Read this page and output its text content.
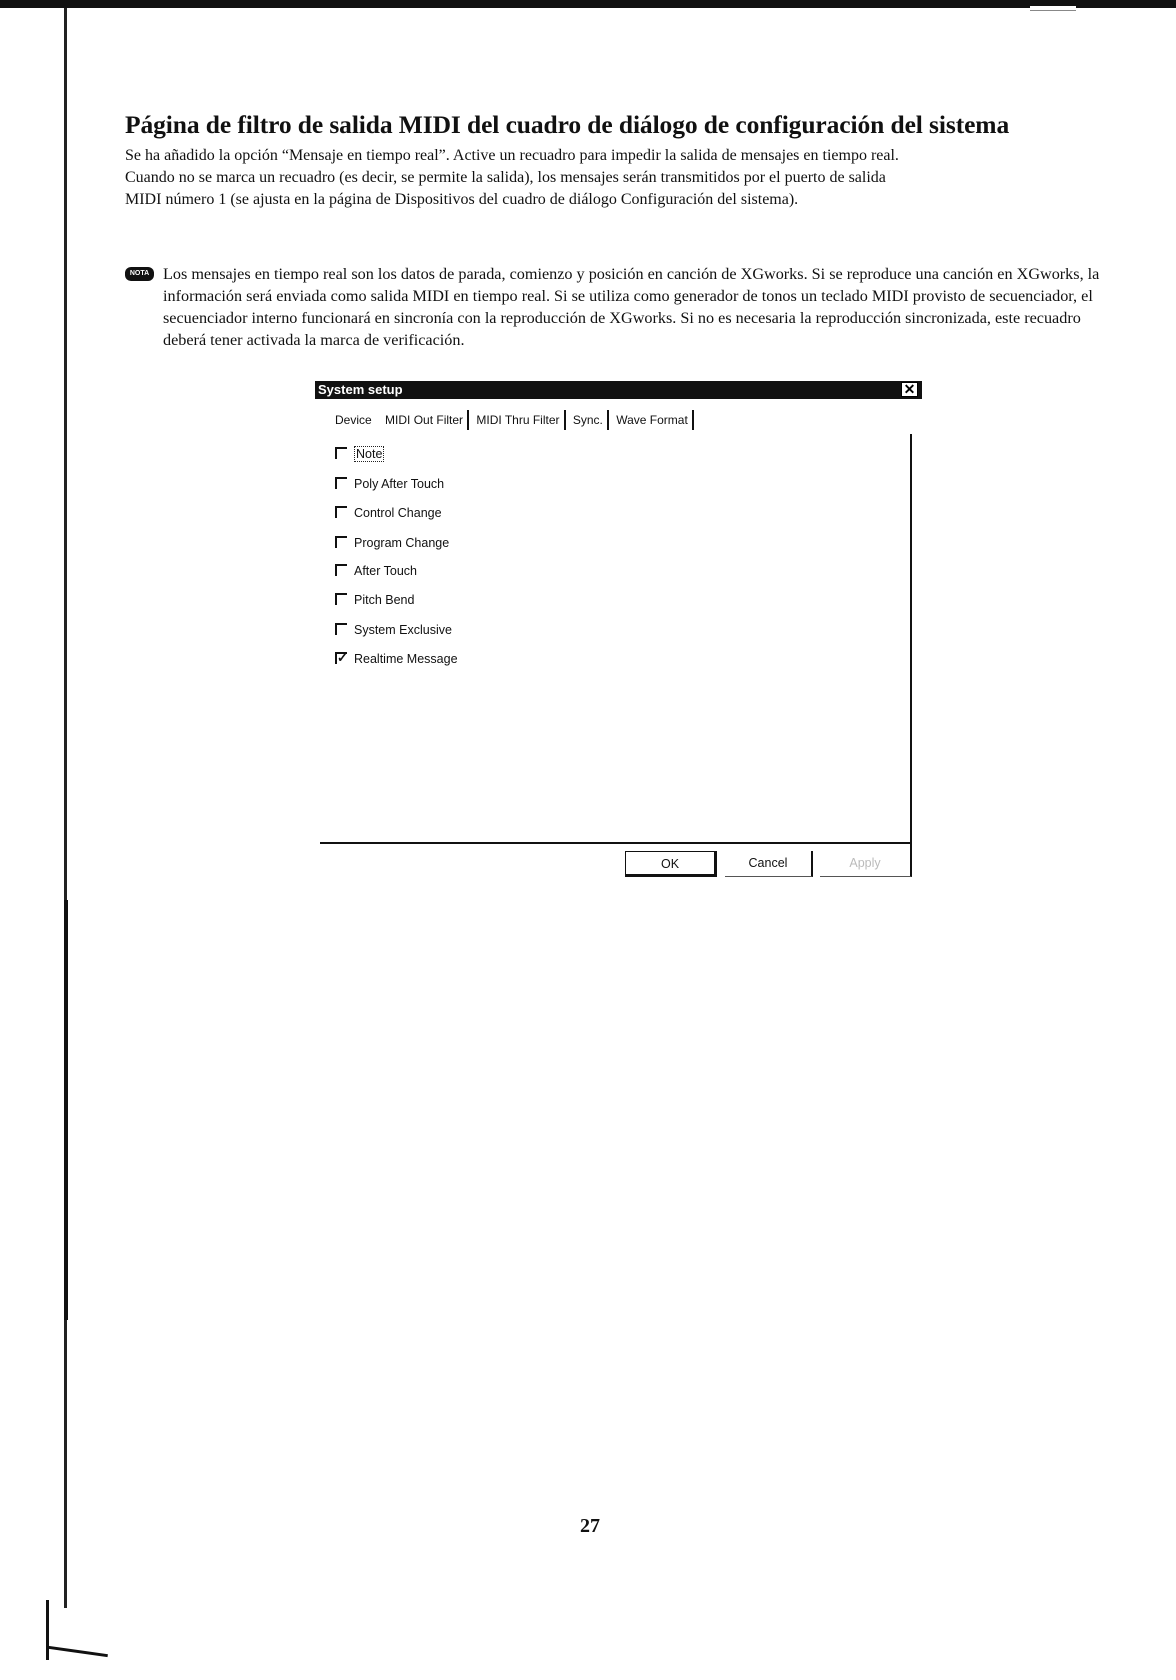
Página de filtro de salida MIDI del cuadro de diálogo de configuración del sistema

Se ha añadido la opción “Mensaje en tiempo real”. Active un recuadro para impedir la salida de mensajes en tiempo real.

Cuando no se marca un recuadro (es decir, se permite la salida), los mensajes serán transmitidos por el puerto de salida

MIDI número 1 (se ajusta en la página de Dispositivos del cuadro de diálogo Configuración del sistema).

NOTA Los mensajes en tiempo real son los datos de parada, comienzo y posición en canción de XGworks. Si se reproduce una canción en XGworks, la información será enviada como salida MIDI en tiempo real. Si se utiliza como generador de tonos un teclado MIDI provisto de secuenciador, el secuenciador interno funcionará en sincronía con la reproducción de XGworks. Si no es necesaria la reproducción sincronizada, este recuadro deberá tener activada la marca de verificación.
System setup	✕
Device MIDI Out Filter MIDI Thru Filter Sync. Wave Format
Note
Poly After Touch
Control Change
Program Change
After Touch
Pitch Bend
System Exclusive
✓Realtime Message
OK	Cancel	Apply
27
